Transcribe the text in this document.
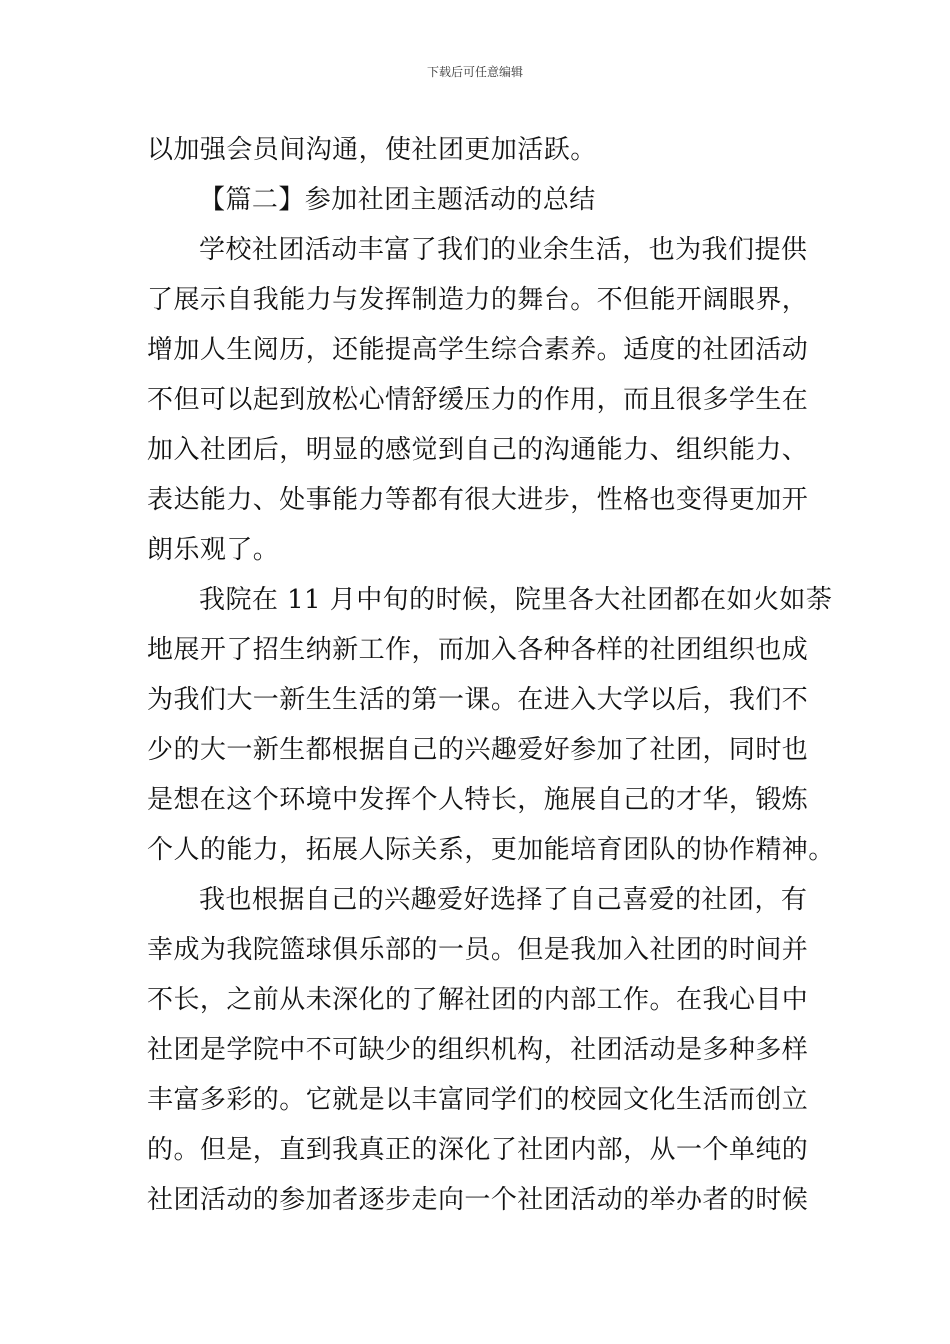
下载后可任意编辑
以加强会员间沟通，使社团更加活跃。
【篇二】参加社团主题活动的总结
学校社团活动丰富了我们的业余生活，也为我们提供
了展示自我能力与发挥制造力的舞台。不但能开阔眼界，
增加人生阅历，还能提高学生综合素养。适度的社团活动
不但可以起到放松心情舒缓压力的作用，而且很多学生在
加入社团后，明显的感觉到自己的沟通能力、组织能力、
表达能力、处事能力等都有很大进步，性格也变得更加开
朗乐观了。
我院在 11 月中旬的时候，院里各大社团都在如火如荼
地展开了招生纳新工作，而加入各种各样的社团组织也成
为我们大一新生生活的第一课。在进入大学以后，我们不
少的大一新生都根据自己的兴趣爱好参加了社团，同时也
是想在这个环境中发挥个人特长，施展自己的才华，锻炼
个人的能力，拓展人际关系，更加能培育团队的协作精神。
我也根据自己的兴趣爱好选择了自己喜爱的社团，有
幸成为我院篮球俱乐部的一员。但是我加入社团的时间并
不长，之前从未深化的了解社团的内部工作。在我心目中
社团是学院中不可缺少的组织机构，社团活动是多种多样
丰富多彩的。它就是以丰富同学们的校园文化生活而创立
的。但是，直到我真正的深化了社团内部，从一个单纯的
社团活动的参加者逐步走向一个社团活动的举办者的时候
